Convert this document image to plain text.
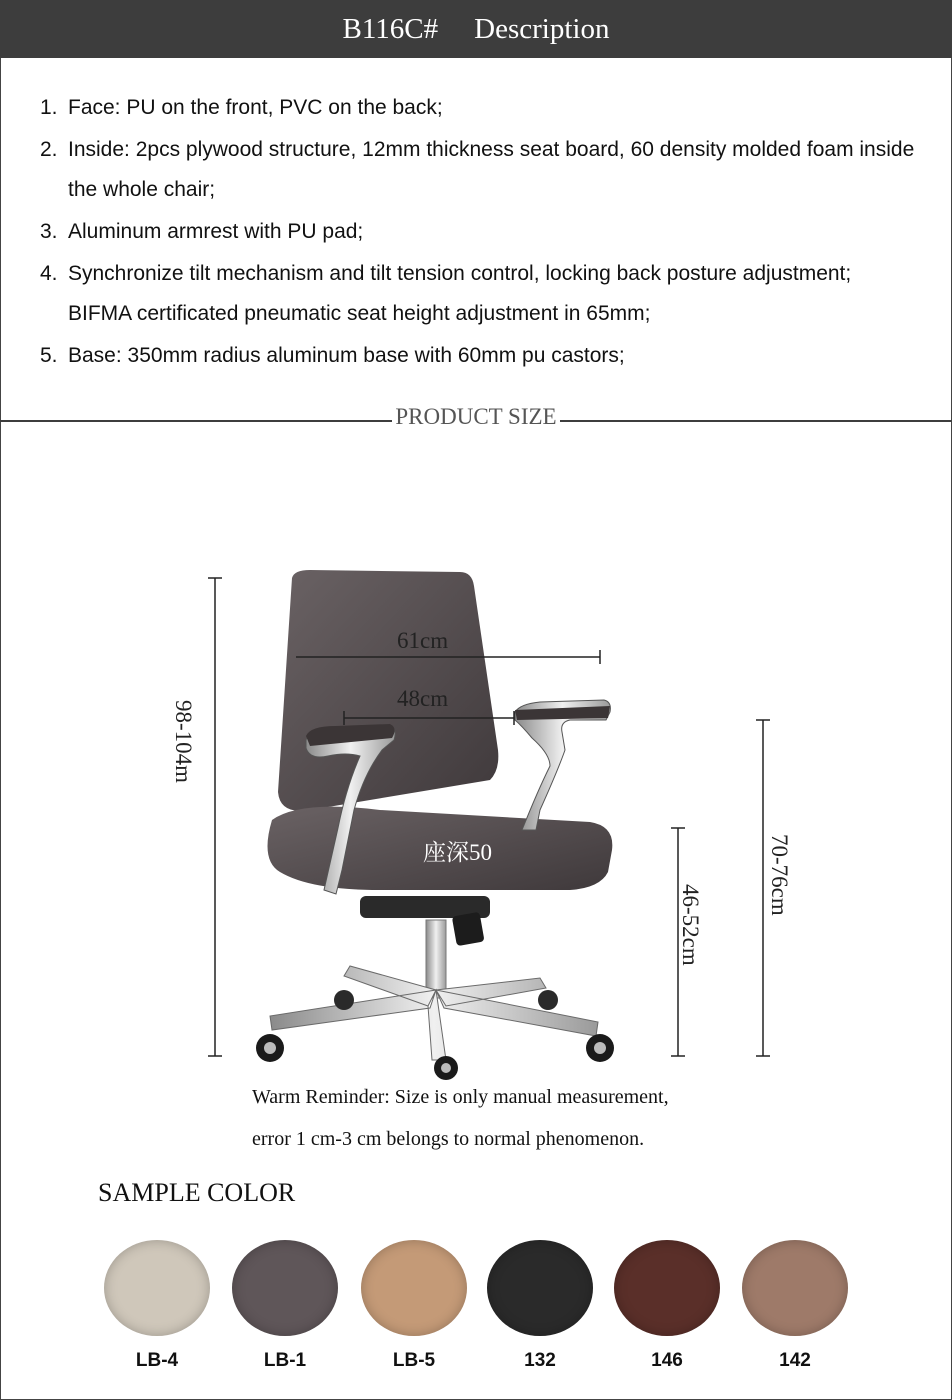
B116C# Description
1. Face: PU on the front, PVC on the back;
2. Inside: 2pcs plywood structure, 12mm thickness seat board, 60 density molded foam inside the whole chair;
3. Aluminum armrest with PU pad;
4. Synchronize tilt mechanism and tilt tension control, locking back posture adjustment; BIFMA certificated pneumatic seat height adjustment in 65mm;
5. Base: 350mm radius aluminum base with 60mm pu castors;
PRODUCT SIZE
61cm
48cm
座深50
98-104m
46-52cm
70-76cm
Warm Reminder: Size is only manual measurement,
error 1 cm-3 cm belongs to normal phenomenon.
SAMPLE COLOR
LB-4	LB-1	LB-5	132	146	142
